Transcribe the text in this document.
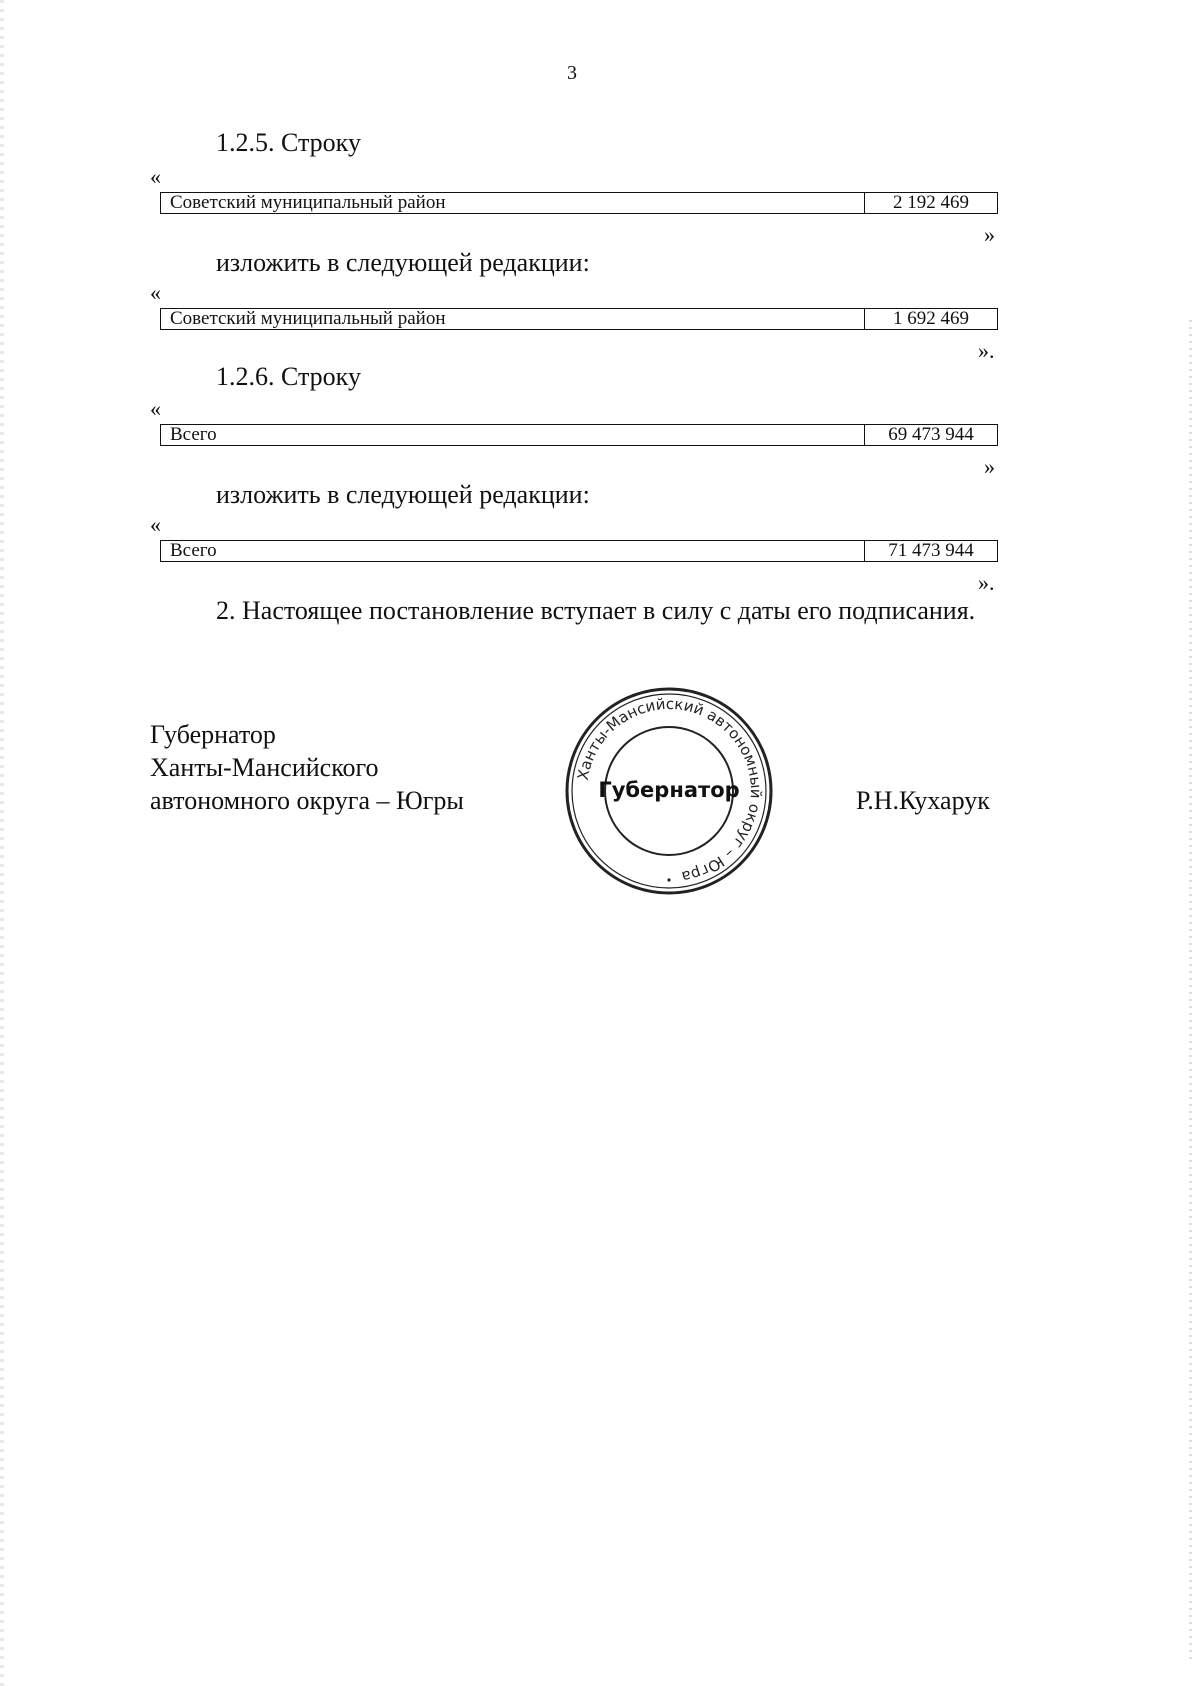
3
1.2.5. Строку
«
Советский муниципальный район	2 192 469
»
изложить в следующей редакции:
«
Советский муниципальный район	1 692 469
».
1.2.6. Строку
«
Всего	69 473 944
»
изложить в следующей редакции:
«
Всего	71 473 944
».
2. Настоящее постановление вступает в силу с даты его подписания.
Губернатор
Ханты-Мансийского
автономного округа – Югры	Р.Н.Кухарук
Ханты-Мансийский автономный округ – Югра
Губернатор
